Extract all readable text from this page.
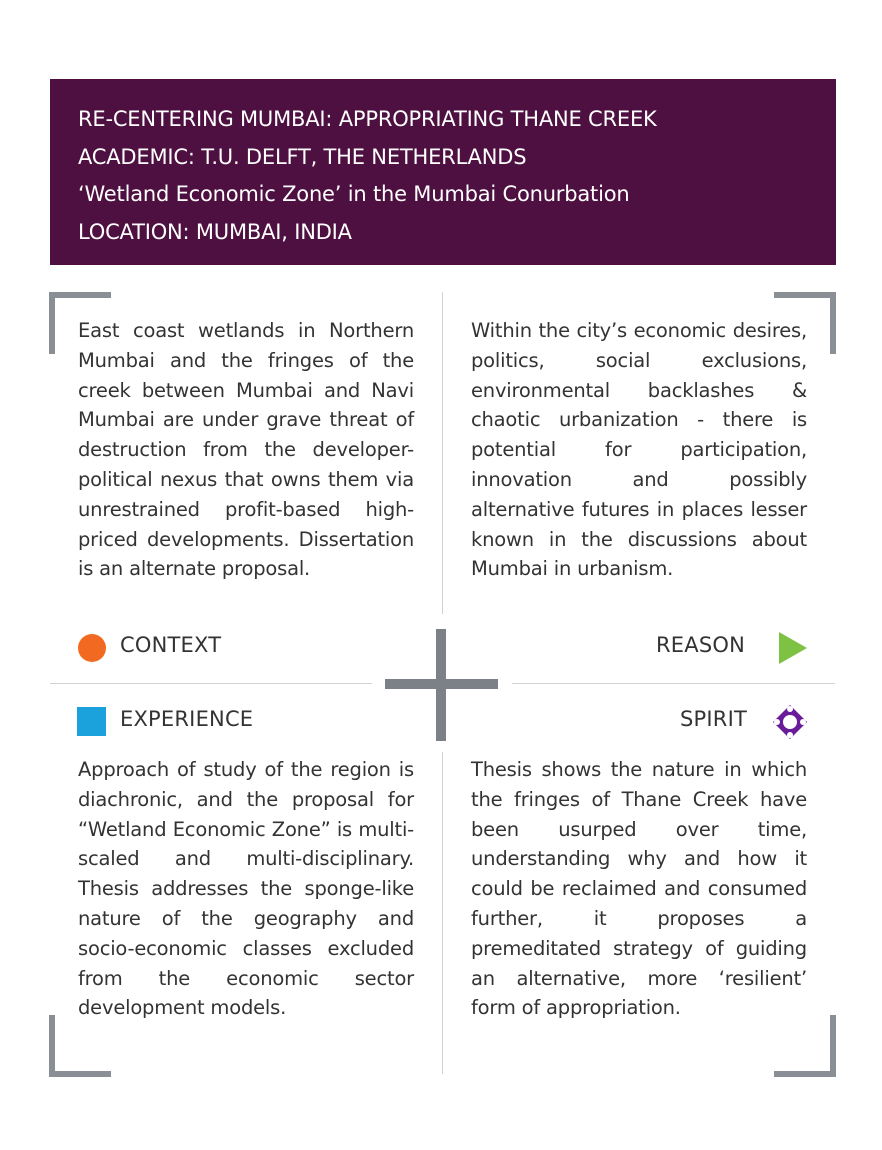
RE-CENTERING MUMBAI: APPROPRIATING THANE CREEK
ACADEMIC: T.U. DELFT, THE NETHERLANDS
‘Wetland Economic Zone’ in the Mumbai Conurbation
LOCATION: MUMBAI, INDIA

East coast wetlands in Northern Mumbai and the fringes of the creek between Mumbai and Navi Mumbai are under grave threat of destruction from the developer-political nexus that owns them via unrestrained profit-based high-priced developments. Dissertation is an alternate proposal.

Within the city’s economic desires, politics, social exclusions, environmental backlashes & chaotic urbanization - there is potential for participation, innovation and possibly alternative futures in places lesser known in the discussions about Mumbai in urbanism.

Approach of study of the region is diachronic, and the proposal for “Wetland Economic Zone” is multi-scaled and multi-disciplinary. Thesis addresses the sponge-like nature of the geography and socio-economic classes excluded from the economic sector development models.

Thesis shows the nature in which the fringes of Thane Creek have been usurped over time, understanding why and how it could be reclaimed and consumed further, it proposes a premeditated strategy of guiding an alternative, more ‘resilient’ form of appropriation.

CONTEXT	REASON
EXPERIENCE	SPIRIT
